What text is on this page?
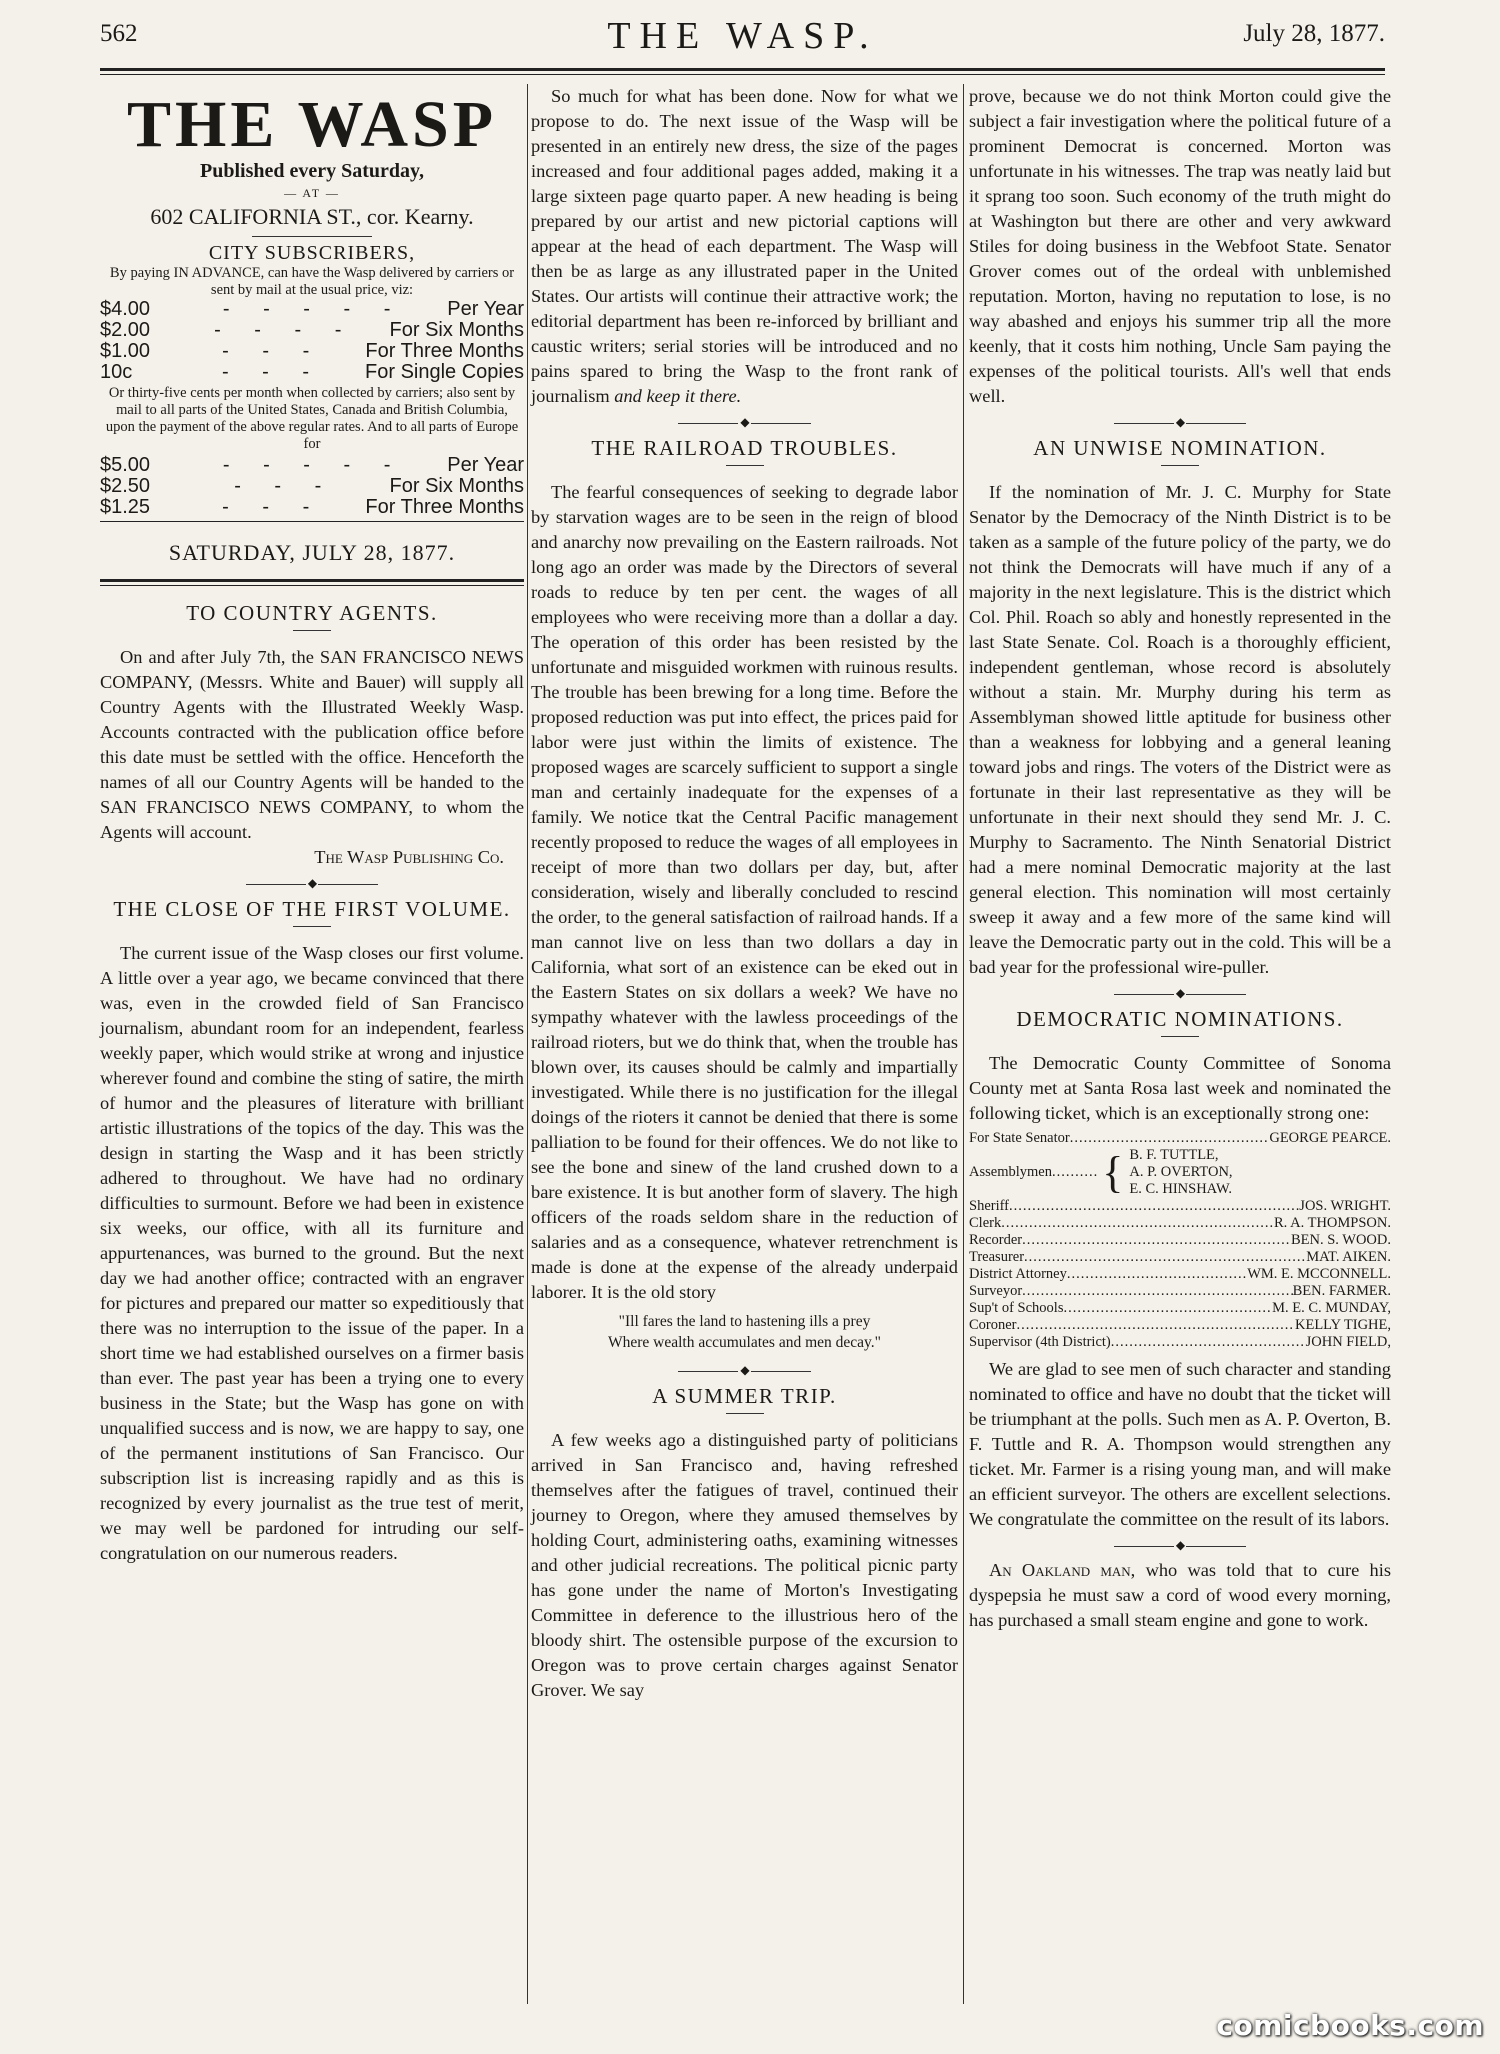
562	THE WASP.	July 28, 1877.
THE WASP
Published every Saturday,
— AT —
602 CALIFORNIA ST., cor. Kearny.
CITY SUBSCRIBERS,
By paying IN ADVANCE, can have the Wasp delivered by carriers or sent by mail at the usual price, viz:
$4.00	- - - - -	Per Year
$2.00	- - - -	For Six Months
$1.00	- - -	For Three Months
10c	- - -	For Single Copies
Or thirty-five cents per month when collected by carriers; also sent by mail to all parts of the United States, Canada and British Columbia, upon the payment of the above regular rates. And to all parts of Europe for
$5.00	- - - - -	Per Year
$2.50	- - -	For Six Months
$1.25	- - -	For Three Months
SATURDAY, JULY 28, 1877.
TO COUNTRY AGENTS.

On and after July 7th, the SAN FRANCISCO NEWS COMPANY, (Messrs. White and Bauer) will supply all Country Agents with the Illustrated Weekly Wasp. Accounts contracted with the publication office before this date must be settled with the office. Henceforth the names of all our Country Agents will be handed to the SAN FRANCISCO NEWS COMPANY, to whom the Agents will account.

The Wasp Publishing Co.

◆
THE CLOSE OF THE FIRST VOLUME.

The current issue of the Wasp closes our first volume. A little over a year ago, we became convinced that there was, even in the crowded field of San Francisco journalism, abundant room for an independent, fearless weekly paper, which would strike at wrong and injustice wherever found and combine the sting of satire, the mirth of humor and the pleasures of literature with brilliant artistic illustrations of the topics of the day. This was the design in starting the Wasp and it has been strictly adhered to throughout. We have had no ordinary difficulties to surmount. Before we had been in existence six weeks, our office, with all its furniture and appurtenances, was burned to the ground. But the next day we had another office; contracted with an engraver for pictures and prepared our matter so expeditiously that there was no interruption to the issue of the paper. In a short time we had established ourselves on a firmer basis than ever. The past year has been a trying one to every business in the State; but the Wasp has gone on with unqualified success and is now, we are happy to say, one of the permanent institutions of San Francisco. Our subscription list is increasing rapidly and as this is recognized by every journalist as the true test of merit, we may well be pardoned for intruding our self-congratulation on our numerous readers.

So much for what has been done. Now for what we propose to do. The next issue of the Wasp will be presented in an entirely new dress, the size of the pages increased and four additional pages added, making it a large sixteen page quarto paper. A new heading is being prepared by our artist and new pictorial captions will appear at the head of each department. The Wasp will then be as large as any illustrated paper in the United States. Our artists will continue their attractive work; the editorial department has been re-inforced by brilliant and caustic writers; serial stories will be introduced and no pains spared to bring the Wasp to the front rank of journalism and keep it there.

◆
THE RAILROAD TROUBLES.

The fearful consequences of seeking to degrade labor by starvation wages are to be seen in the reign of blood and anarchy now prevailing on the Eastern railroads. Not long ago an order was made by the Directors of several roads to reduce by ten per cent. the wages of all employees who were receiving more than a dollar a day. The operation of this order has been resisted by the unfortunate and misguided workmen with ruinous results. The trouble has been brewing for a long time. Before the proposed reduction was put into effect, the prices paid for labor were just within the limits of existence. The proposed wages are scarcely sufficient to support a single man and certainly inadequate for the expenses of a family. We notice tkat the Central Pacific management recently proposed to reduce the wages of all employees in receipt of more than two dollars per day, but, after consideration, wisely and liberally concluded to rescind the order, to the general satisfaction of railroad hands. If a man cannot live on less than two dollars a day in California, what sort of an existence can be eked out in the Eastern States on six dollars a week? We have no sympathy whatever with the lawless proceedings of the railroad rioters, but we do think that, when the trouble has blown over, its causes should be calmly and impartially investigated. While there is no justification for the illegal doings of the rioters it cannot be denied that there is some palliation to be found for their offences. We do not like to see the bone and sinew of the land crushed down to a bare existence. It is but another form of slavery. The high officers of the roads seldom share in the reduction of salaries and as a consequence, whatever retrenchment is made is done at the expense of the already underpaid laborer. It is the old story

"Ill fares the land to hastening ills a prey
Where wealth accumulates and men decay."
◆
A SUMMER TRIP.

A few weeks ago a distinguished party of politicians arrived in San Francisco and, having refreshed themselves after the fatigues of travel, continued their journey to Oregon, where they amused themselves by holding Court, administering oaths, examining witnesses and other judicial recreations. The political picnic party has gone under the name of Morton's Investigating Committee in deference to the illustrious hero of the bloody shirt. The ostensible purpose of the excursion to Oregon was to prove certain charges against Senator Grover. We say

prove, because we do not think Morton could give the subject a fair investigation where the political future of a prominent Democrat is concerned. Morton was unfortunate in his witnesses. The trap was neatly laid but it sprang too soon. Such economy of the truth might do at Washington but there are other and very awkward Stiles for doing business in the Webfoot State. Senator Grover comes out of the ordeal with unblemished reputation. Morton, having no reputation to lose, is no way abashed and enjoys his summer trip all the more keenly, that it costs him nothing, Uncle Sam paying the expenses of the political tourists. All's well that ends well.

◆
AN UNWISE NOMINATION.

If the nomination of Mr. J. C. Murphy for State Senator by the Democracy of the Ninth District is to be taken as a sample of the future policy of the party, we do not think the Democrats will have much if any of a majority in the next legislature. This is the district which Col. Phil. Roach so ably and honestly represented in the last State Senate. Col. Roach is a thoroughly efficient, independent gentleman, whose record is absolutely without a stain. Mr. Murphy during his term as Assemblyman showed little aptitude for business other than a weakness for lobbying and a general leaning toward jobs and rings. The voters of the District were as fortunate in their last representative as they will be unfortunate in their next should they send Mr. J. C. Murphy to Sacramento. The Ninth Senatorial District had a mere nominal Democratic majority at the last general election. This nomination will most certainly sweep it away and a few more of the same kind will leave the Democratic party out in the cold. This will be a bad year for the professional wire-puller.

◆
DEMOCRATIC NOMINATIONS.

The Democratic County Committee of Sonoma County met at Santa Rosa last week and nominated the following ticket, which is an exceptionally strong one:

For State Senator .....	GEORGE PEARCE.
Assemblymen .......... { B. F. TUTTLE,
A. P. OVERTON,
E. C. HINSHAW.
Sheriff .....	JOS. WRIGHT.
Clerk .....	R. A. THOMPSON.
Recorder .....	BEN. S. WOOD.
Treasurer .....	MAT. AIKEN.
District Attorney .....	WM. E. MCCONNELL.
Surveyor .....	BEN. FARMER.
Sup't of Schools .....	M. E. C. MUNDAY,
Coroner .....	KELLY TIGHE,
Supervisor (4th District) .....	JOHN FIELD,

We are glad to see men of such character and standing nominated to office and have no doubt that the ticket will be triumphant at the polls. Such men as A. P. Overton, B. F. Tuttle and R. A. Thompson would strengthen any ticket. Mr. Farmer is a rising young man, and will make an efficient surveyor. The others are excellent selections. We congratulate the committee on the result of its labors.

◆

An Oakland man, who was told that to cure his dyspepsia he must saw a cord of wood every morning, has purchased a small steam engine and gone to work.

comicbooks.com
